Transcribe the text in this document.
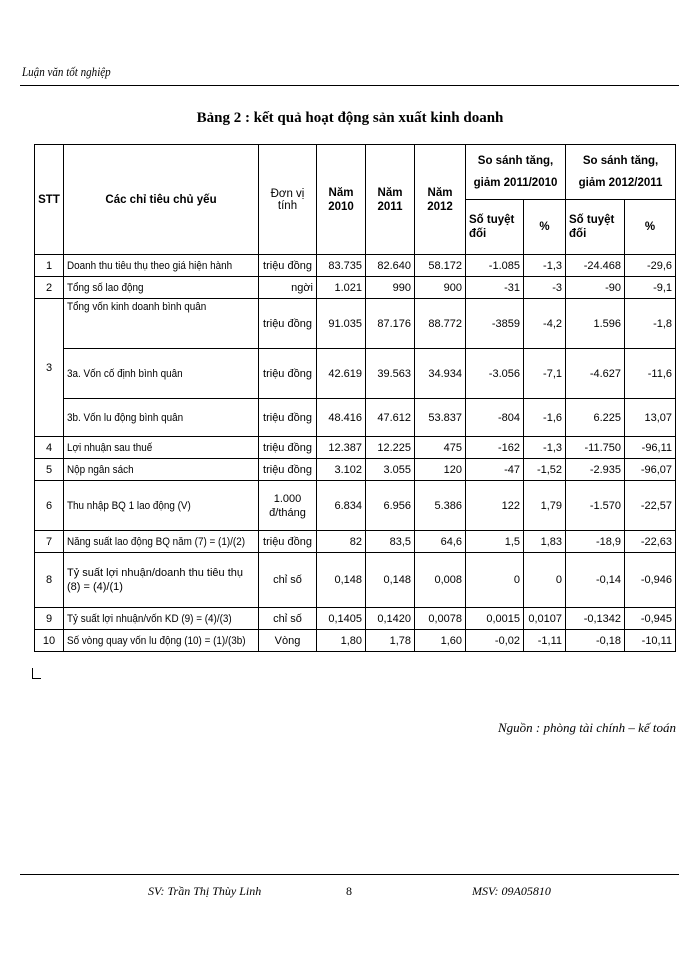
Luận văn tốt nghiệp
Bảng 2 : kết quả hoạt động sản xuất kinh doanh
STT	Các chỉ tiêu chủ yếu	Đơn vị tính	Năm 2010	Năm 2011	Năm 2012	So sánh tăng, giảm 2011/2010		So sánh tăng, giảm 2012/2011	
						Số tuyệt đối	%	Số tuyệt đối	%
1	Doanh thu tiêu thụ theo giá hiện hành	triệu đồng	83.735	82.640	58.172	-1.085	-1,3	-24.468	-29,6
2	Tổng số lao động	ngời	1.021	990	900	-31	-3	-90	-9,1
3	Tổng vốn kinh doanh bình quân	triệu đồng	91.035	87.176	88.772	-3859	-4,2	1.596	-1,8
	3a. Vốn cố định bình quân	triệu đồng	42.619	39.563	34.934	-3.056	-7,1	-4.627	-11,6
	3b. Vốn lu động bình quân	triệu đồng	48.416	47.612	53.837	-804	-1,6	6.225	13,07
4	Lợi nhuận sau thuế	triệu đồng	12.387	12.225	475	-162	-1,3	-11.750	-96,11
5	Nộp ngân sách	triệu đồng	3.102	3.055	120	-47	-1,52	-2.935	-96,07
6	Thu nhập BQ 1 lao động (V)	1.000 đ/tháng	6.834	6.956	5.386	122	1,79	-1.570	-22,57
7	Năng suất lao động BQ năm (7) = (1)/(2)	triệu đồng	82	83,5	64,6	1,5	1,83	-18,9	-22,63
8	Tỷ suất lợi nhuận/doanh thu tiêu thụ (8) = (4)/(1)	chỉ số	0,148	0,148	0,008	0	0	-0,14	-0,946
9	Tỷ suất lợi nhuận/vốn KD (9) = (4)/(3)	chỉ số	0,1405	0,1420	0,0078	0,0015	0,0107	-0,1342	-0,945
10	Số vòng quay vốn lu động (10) = (1)/(3b)	Vòng	1,80	1,78	1,60	-0,02	-1,11	-0,18	-10,11
Nguồn : phòng tài chính – kế toán
SV: Trần Thị Thùy Linh	8	MSV: 09A05810
